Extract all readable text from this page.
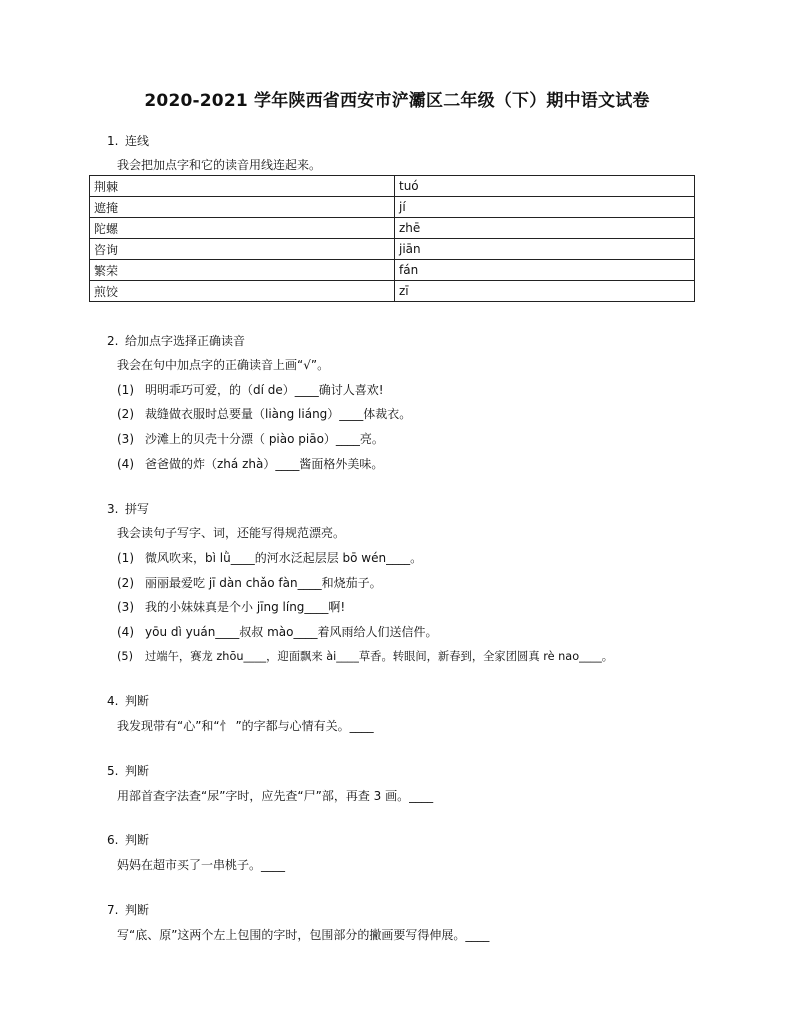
2020-2021 学年陕西省西安市浐灞区二年级（下）期中语文试卷
1. 连线
我会把加点字和它的读音用线连起来。
荆棘	tuó
遮掩	jí
陀螺	zhē
咨询	jiān
繁荣	fán
煎饺	zī
2. 给加点字选择正确读音
我会在句中加点字的正确读音上画“√”。
(1) 明明乖巧可爱，的（dí de）____确讨人喜欢!
(2) 裁缝做衣服时总要量（liàng liáng）____体裁衣。
(3) 沙滩上的贝壳十分漂（ piào piāo）____亮。
(4) 爸爸做的炸（zhá zhà）____酱面格外美味。
3. 拼写
我会读句子写字、词，还能写得规范漂亮。
(1) 微风吹来，bì lǜ____的河水泛起层层 bō wén____。
(2) 丽丽最爱吃 jī dàn chǎo fàn____和烧茄子。
(3) 我的小妹妹真是个小 jīng líng____啊!
(4) yōu dì yuán____叔叔 mào____着风雨给人们送信件。
(5) 过端午，赛龙 zhōu____，迎面飘来 ài____草香。转眼间，新春到，全家团圆真 rè nao____。
4. 判断
我发现带有“心”和“忄 ”的字都与心情有关。____
5. 判断
用部首查字法查“尿”字时，应先查“尸”部，再查 3 画。____
6. 判断
妈妈在超市买了一串桃子。____
7. 判断
写“底、原”这两个左上包围的字时，包围部分的撇画要写得伸展。____
